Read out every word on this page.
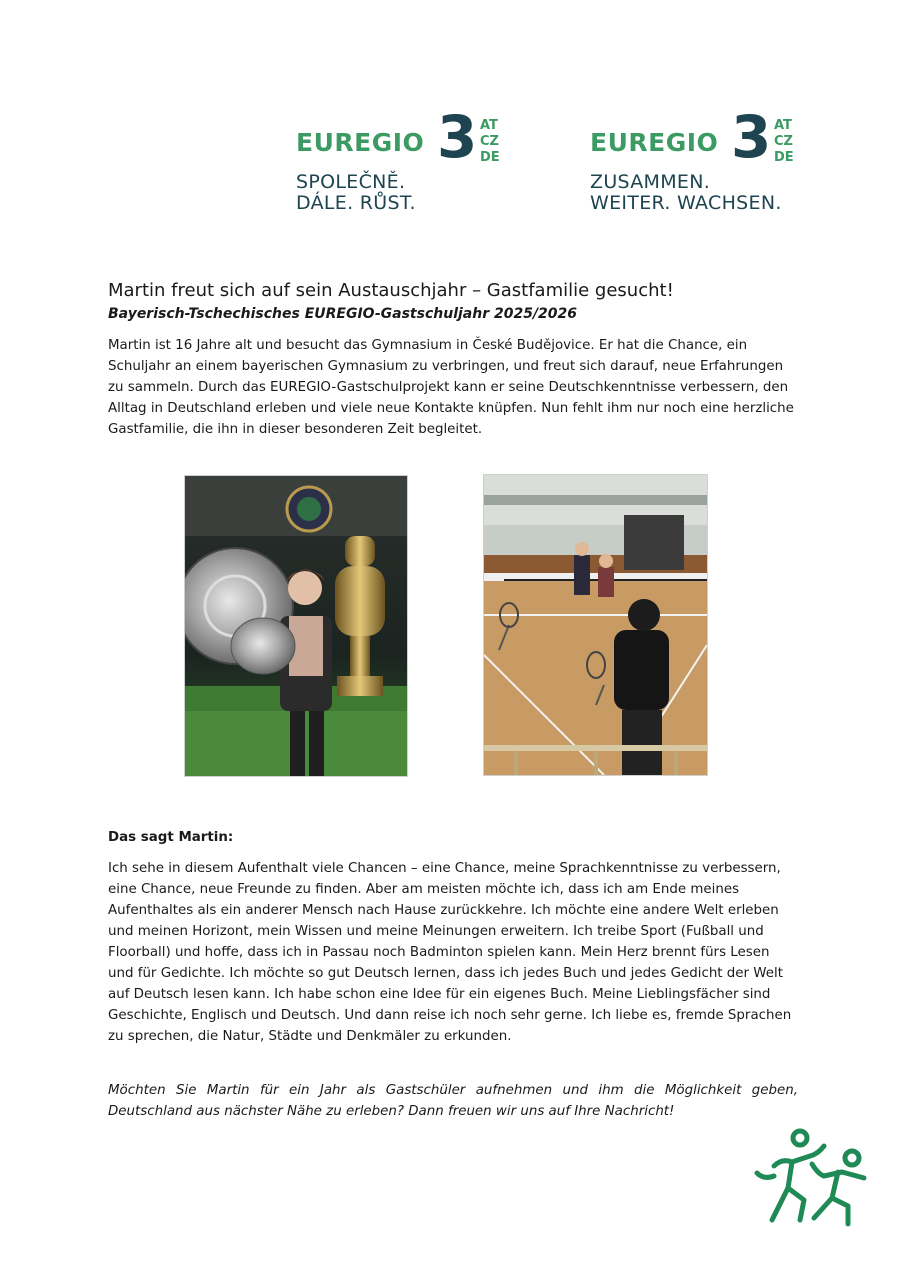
EUREGIO 3 AT
CZ
DE
SPOLEČNĚ.
DÁLE. RŮST.
EUREGIO 3 AT
CZ
DE
ZUSAMMEN.
WEITER. WACHSEN.
Martin freut sich auf sein Austauschjahr – Gastfamilie gesucht!
Bayerisch-Tschechisches EUREGIO-Gastschuljahr 2025/2026

Martin ist 16 Jahre alt und besucht das Gymnasium in České Budějovice. Er hat die Chance, ein Schuljahr an einem bayerischen Gymnasium zu verbringen, und freut sich darauf, neue Erfahrungen zu sammeln. Durch das EUREGIO-Gastschulprojekt kann er seine Deutschkenntnisse verbessern, den Alltag in Deutschland erleben und viele neue Kontakte knüpfen. Nun fehlt ihm nur noch eine herzliche Gastfamilie, die ihn in dieser besonderen Zeit begleitet.

Das sagt Martin:

Ich sehe in diesem Aufenthalt viele Chancen – eine Chance, meine Sprachkenntnisse zu verbessern, eine Chance, neue Freunde zu finden. Aber am meisten möchte ich, dass ich am Ende meines Aufenthaltes als ein anderer Mensch nach Hause zurückkehre. Ich möchte eine andere Welt erleben und meinen Horizont, mein Wissen und meine Meinungen erweitern. Ich treibe Sport (Fußball und Floorball) und hoffe, dass ich in Passau noch Badminton spielen kann. Mein Herz brennt fürs Lesen und für Gedichte. Ich möchte so gut Deutsch lernen, dass ich jedes Buch und jedes Gedicht der Welt auf Deutsch lesen kann. Ich habe schon eine Idee für ein eigenes Buch. Meine Lieblingsfächer sind Geschichte, Englisch und Deutsch. Und dann reise ich noch sehr gerne. Ich liebe es, fremde Sprachen zu sprechen, die Natur, Städte und Denkmäler zu erkunden.

Möchten Sie Martin für ein Jahr als Gastschüler aufnehmen und ihm die Möglichkeit geben, Deutschland aus nächster Nähe zu erleben? Dann freuen wir uns auf Ihre Nachricht!
